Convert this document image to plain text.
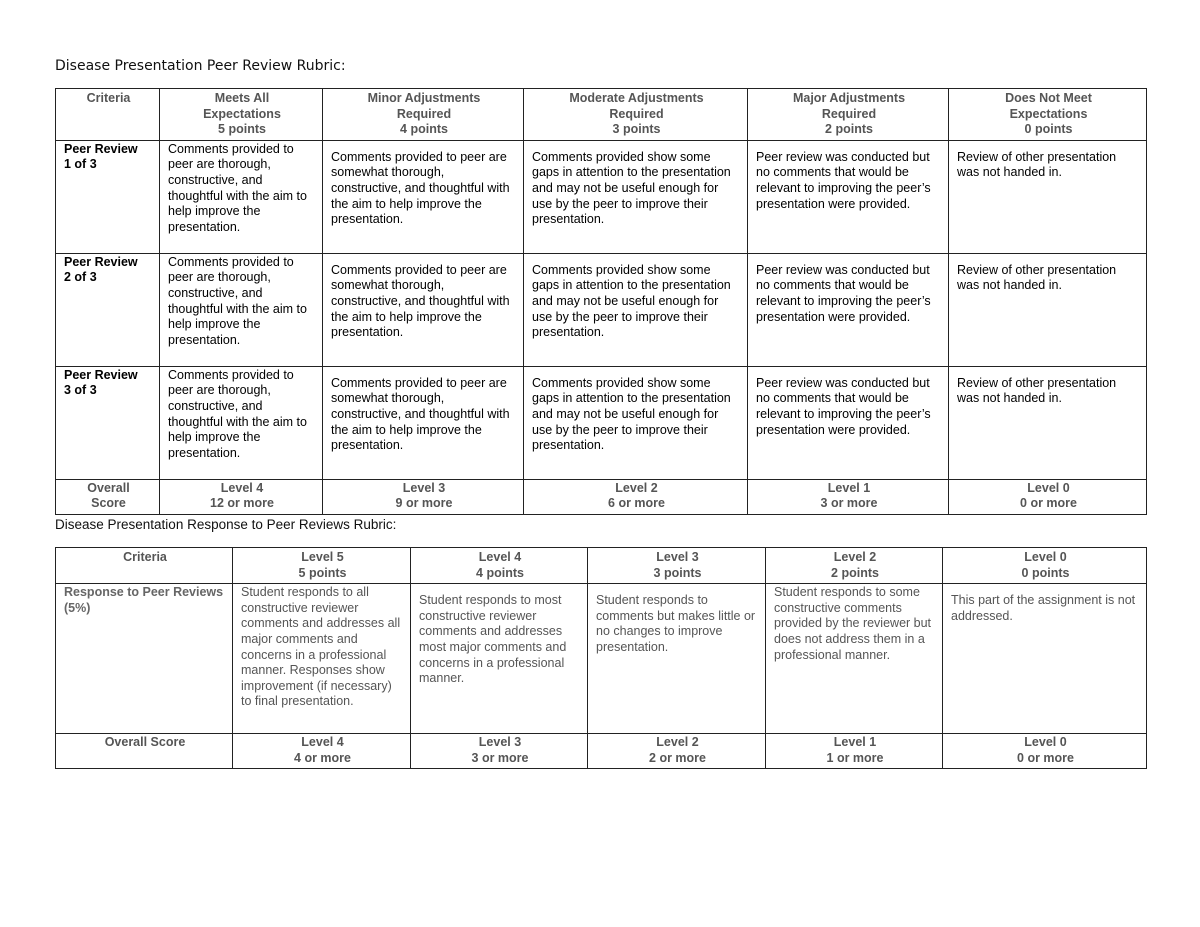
Disease Presentation Peer Review Rubric:
Criteria	Meets All
Expectations
5 points	Minor Adjustments
Required
4 points	Moderate Adjustments
Required
3 points	Major Adjustments
Required
2 points	Does Not Meet
Expectations
0 points

Peer Review
1 of 3	Comments provided to peer are thorough, constructive, and thoughtful with the aim to help improve the presentation.	Comments provided to peer are somewhat thorough, constructive, and thoughtful with the aim to help improve the presentation.	Comments provided show some gaps in attention to the presentation and may not be useful enough for use by the peer to improve their presentation.	Peer review was conducted but no comments that would be relevant to improving the peer’s presentation were provided.	Review of other presentation was not handed in.

Peer Review
2 of 3	Comments provided to peer are thorough, constructive, and thoughtful with the aim to help improve the presentation.	Comments provided to peer are somewhat thorough, constructive, and thoughtful with the aim to help improve the presentation.	Comments provided show some gaps in attention to the presentation and may not be useful enough for use by the peer to improve their presentation.	Peer review was conducted but no comments that would be relevant to improving the peer’s presentation were provided.	Review of other presentation was not handed in.

Peer Review
3 of 3	Comments provided to peer are thorough, constructive, and thoughtful with the aim to help improve the presentation.	Comments provided to peer are somewhat thorough, constructive, and thoughtful with the aim to help improve the presentation.	Comments provided show some gaps in attention to the presentation and may not be useful enough for use by the peer to improve their presentation.	Peer review was conducted but no comments that would be relevant to improving the peer’s presentation were provided.	Review of other presentation was not handed in.

Overall
Score	Level 4
12 or more	Level 3
9 or more	Level 2
6 or more	Level 1
3 or more	Level 0
0 or more
Disease Presentation Response to Peer Reviews Rubric:
Criteria	Level 5
5 points	Level 4
4 points	Level 3
3 points	Level 2
2 points	Level 0
0 points

Response to Peer Reviews (5%)	Student responds to all constructive reviewer comments and addresses all major comments and concerns in a professional manner. Responses show improvement (if necessary) to final presentation.	Student responds to most constructive reviewer comments and addresses most major comments and concerns in a professional manner.	Student responds to comments but makes little or no changes to improve presentation.	Student responds to some constructive comments provided by the reviewer but does not address them in a professional manner.	This part of the assignment is not addressed.

Overall Score	Level 4
4 or more	Level 3
3 or more	Level 2
2 or more	Level 1
1 or more	Level 0
0 or more
